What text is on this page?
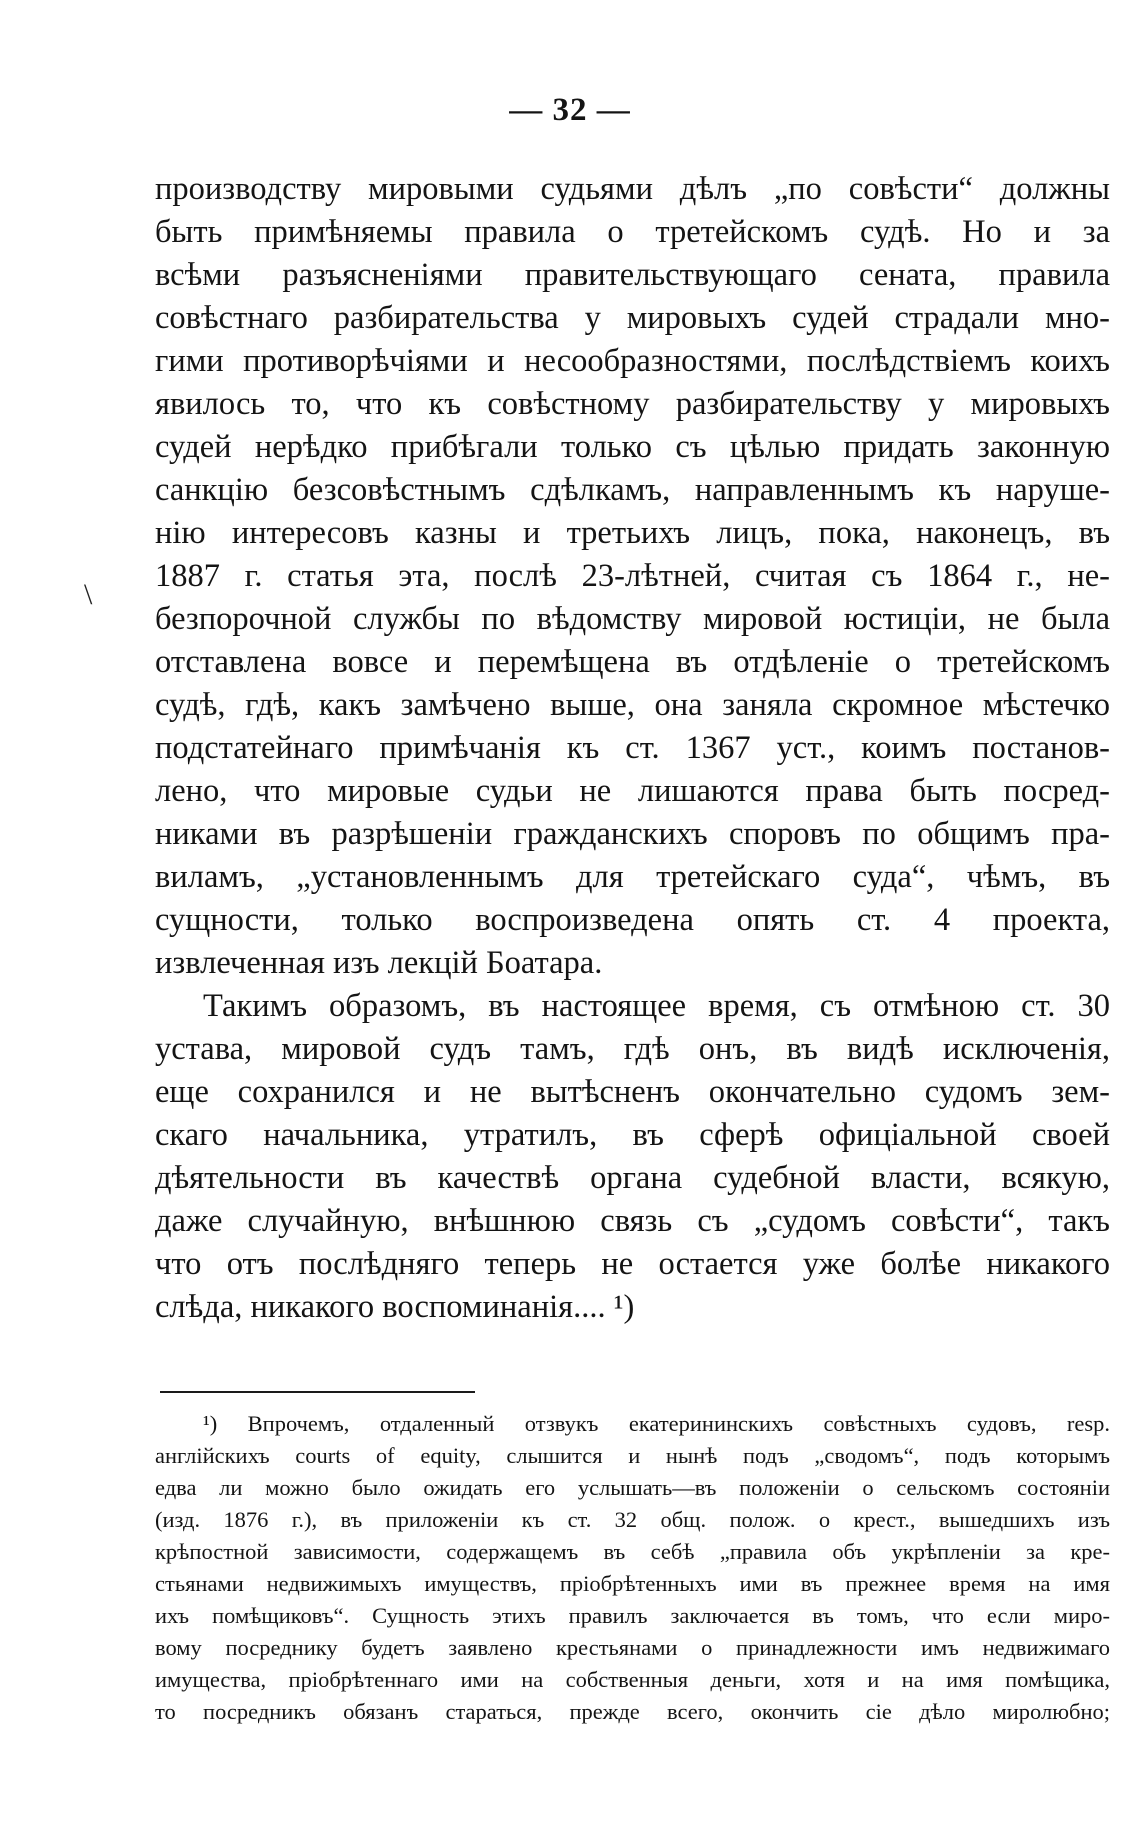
— 32 —
\
производству мировыми судьями дѣлъ „по совѣсти“ должны
быть примѣняемы правила о третейскомъ судѣ. Но и за
всѣми разъясненіями правительствующаго сената, правила
совѣстнаго разбирательства у мировыхъ судей страдали мно-
гими противорѣчіями и несообразностями, послѣдствіемъ коихъ
явилось то, что къ совѣстному разбирательству у мировыхъ
судей нерѣдко прибѣгали только съ цѣлью придать законную
санкцію безсовѣстнымъ сдѣлкамъ, направленнымъ къ наруше-
нію интересовъ казны и третьихъ лицъ, пока, наконецъ, въ
1887 г. статья эта, послѣ 23-лѣтней, считая съ 1864 г., не-
безпорочной службы по вѣдомству мировой юстиціи, не была
отставлена вовсе и перемѣщена въ отдѣленіе о третейскомъ
судѣ, гдѣ, какъ замѣчено выше, она заняла скромное мѣстечко
подстатейнаго примѣчанія къ ст. 1367 уст., коимъ постанов-
лено, что мировые судьи не лишаются права быть посред-
никами въ разрѣшеніи гражданскихъ споровъ по общимъ пра-
виламъ, „установленнымъ для третейскаго суда“, чѣмъ, въ
сущности, только воспроизведена опять ст. 4 проекта,
извлеченная изъ лекцій Боатара.
Такимъ образомъ, въ настоящее время, съ отмѣною ст. 30
устава, мировой судъ тамъ, гдѣ онъ, въ видѣ исключенія,
еще сохранился и не вытѣсненъ окончательно судомъ зем-
скаго начальника, утратилъ, въ сферѣ офиціальной своей
дѣятельности въ качествѣ органа судебной власти, всякую,
даже случайную, внѣшнюю связь съ „судомъ совѣсти“, такъ
что отъ послѣдняго теперь не остается уже болѣе никакого
слѣда, никакого воспоминанія.... ¹)
¹) Впрочемъ, отдаленный отзвукъ екатерининскихъ совѣстныхъ судовъ, resp.
англійскихъ courts of equity, слышится и нынѣ подъ „сводомъ“, подъ которымъ
едва ли можно было ожидать его услышать—въ положеніи о сельскомъ состояніи
(изд. 1876 г.), въ приложеніи къ ст. 32 общ. полож. о крест., вышедшихъ изъ
крѣпостной зависимости, содержащемъ въ себѣ „правила объ укрѣпленіи за кре-
стьянами недвижимыхъ имуществъ, пріобрѣтенныхъ ими въ прежнее время на имя
ихъ помѣщиковъ“. Сущность этихъ правилъ заключается въ томъ, что если миро-
вому посреднику будетъ заявлено крестьянами о принадлежности имъ недвижимаго
имущества, пріобрѣтеннаго ими на собственныя деньги, хотя и на имя помѣщика,
то посредникъ обязанъ стараться, прежде всего, окончить сіе дѣло миролюбно;
